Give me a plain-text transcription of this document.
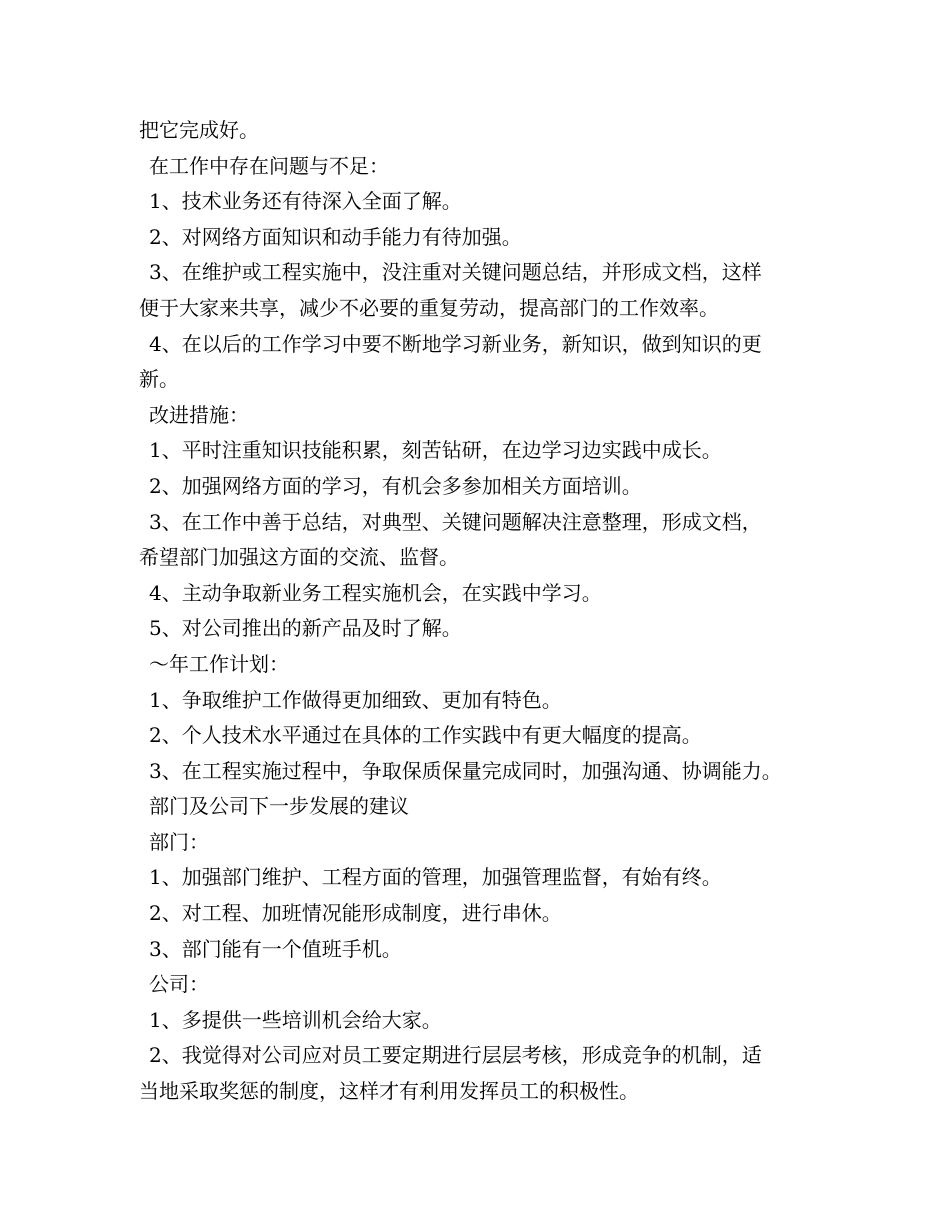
把它完成好。

在工作中存在问题与不足：

1、技术业务还有待深入全面了解。

2、对网络方面知识和动手能力有待加强。

3、在维护或工程实施中，没注重对关键问题总结，并形成文档，这样

便于大家来共享，减少不必要的重复劳动，提高部门的工作效率。

4、在以后的工作学习中要不断地学习新业务，新知识，做到知识的更

新。

改进措施：

1、平时注重知识技能积累，刻苦钻研，在边学习边实践中成长。

2、加强网络方面的学习，有机会多参加相关方面培训。

3、在工作中善于总结，对典型、关键问题解决注意整理，形成文档，

希望部门加强这方面的交流、监督。

4、主动争取新业务工程实施机会，在实践中学习。

5、对公司推出的新产品及时了解。

～年工作计划：

1、争取维护工作做得更加细致、更加有特色。

2、个人技术水平通过在具体的工作实践中有更大幅度的提高。

3、在工程实施过程中，争取保质保量完成同时，加强沟通、协调能力。

部门及公司下一步发展的建议

部门：

1、加强部门维护、工程方面的管理，加强管理监督，有始有终。

2、对工程、加班情况能形成制度，进行串休。

3、部门能有一个值班手机。

公司：

1、多提供一些培训机会给大家。

2、我觉得对公司应对员工要定期进行层层考核，形成竞争的机制，适

当地采取奖惩的制度，这样才有利用发挥员工的积极性。
